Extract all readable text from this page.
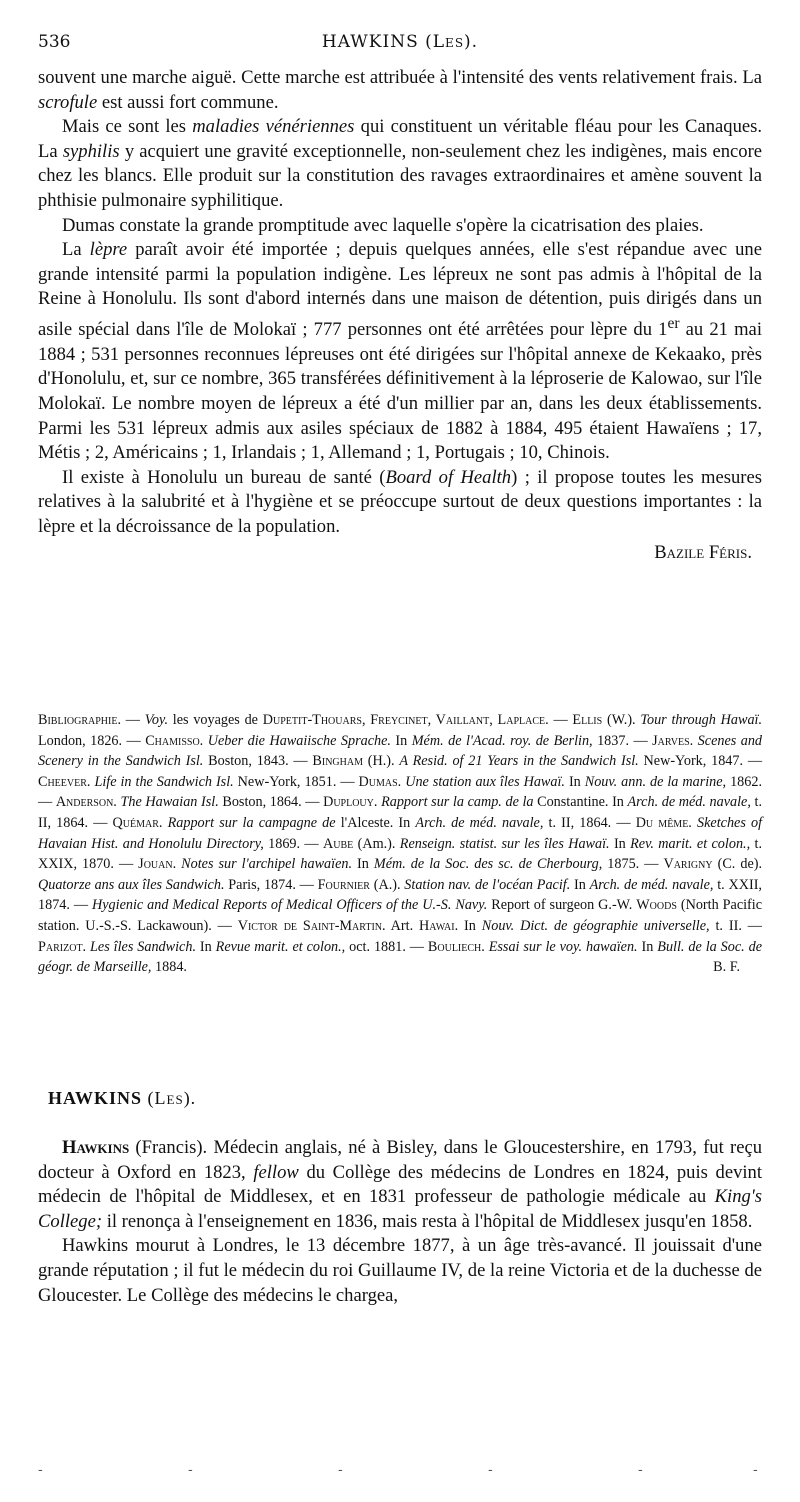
536	HAWKINS (Les).

souvent une marche aiguë. Cette marche est attribuée à l'intensité des vents relativement frais. La scrofule est aussi fort commune.

Mais ce sont les maladies vénériennes qui constituent un véritable fléau pour les Canaques. La syphilis y acquiert une gravité exceptionnelle, non-seulement chez les indigènes, mais encore chez les blancs. Elle produit sur la constitution des ravages extraordinaires et amène souvent la phthisie pulmonaire syphilitique.

Dumas constate la grande promptitude avec laquelle s'opère la cicatrisation des plaies.

La lèpre paraît avoir été importée ; depuis quelques années, elle s'est répandue avec une grande intensité parmi la population indigène. Les lépreux ne sont pas admis à l'hôpital de la Reine à Honolulu. Ils sont d'abord internés dans une maison de détention, puis dirigés dans un asile spécial dans l'île de Molokaï ; 777 personnes ont été arrêtées pour lèpre du 1er au 21 mai 1884 ; 531 personnes reconnues lépreuses ont été dirigées sur l'hôpital annexe de Kekaako, près d'Honolulu, et, sur ce nombre, 365 transférées définitivement à la léproserie de Kalowao, sur l'île Molokaï. Le nombre moyen de lépreux a été d'un millier par an, dans les deux établissements. Parmi les 531 lépreux admis aux asiles spéciaux de 1882 à 1884, 495 étaient Hawaïens ; 17, Métis ; 2, Américains ; 1, Irlandais ; 1, Allemand ; 1, Portugais ; 10, Chinois.

Il existe à Honolulu un bureau de santé (Board of Health) ; il propose toutes les mesures relatives à la salubrité et à l'hygiène et se préoccupe surtout de deux questions importantes : la lèpre et la décroissance de la population.

Bazile Féris.
Bibliographie. — Voy. les voyages de Dupetit-Thouars, Freycinet, Vaillant, Laplace. — Ellis (W.). Tour through Hawaï. London, 1826. — Chamisso. Ueber die Hawaiische Sprache. In Mém. de l'Acad. roy. de Berlin, 1837. — Jarves. Scenes and Scenery in the Sandwich Isl. Boston, 1843. — Bingham (H.). A Resid. of 21 Years in the Sandwich Isl. New-York, 1847. — Cheever. Life in the Sandwich Isl. New-York, 1851. — Dumas. Une station aux îles Hawaï. In Nouv. ann. de la marine, 1862. — Anderson. The Hawaian Isl. Boston, 1864. — Duplouy. Rapport sur la camp. de la Constantine. In Arch. de méd. navale, t. II, 1864. — Quémar. Rapport sur la campagne de l'Alceste. In Arch. de méd. navale, t. II, 1864. — Du même. Sketches of Havaian Hist. and Honolulu Directory, 1869. — Aube (Am.). Renseign. statist. sur les îles Hawaï. In Rev. marit. et colon., t. XXIX, 1870. — Jouan. Notes sur l'archipel hawaïen. In Mém. de la Soc. des sc. de Cherbourg, 1875. — Varigny (C. de). Quatorze ans aux îles Sandwich. Paris, 1874. — Fournier (A.). Station nav. de l'océan Pacif. In Arch. de méd. navale, t. XXII, 1874. — Hygienic and Medical Reports of Medical Officers of the U.-S. Navy. Report of surgeon G.-W. Woods (North Pacific station. U.-S.-S. Lackawoun). — Victor de Saint-Martin. Art. Hawai. In Nouv. Dict. de géographie universelle, t. II. — Parizot. Les îles Sandwich. In Revue marit. et colon., oct. 1881. — Bouliech. Essai sur le voy. hawaïen. In Bull. de la Soc. de géogr. de Marseille, 1884.	B. F.
HAWKINS (Les).

Hawkins (Francis). Médecin anglais, né à Bisley, dans le Gloucestershire, en 1793, fut reçu docteur à Oxford en 1823, fellow du Collège des médecins de Londres en 1824, puis devint médecin de l'hôpital de Middlesex, et en 1831 professeur de pathologie médicale au King's College; il renonça à l'enseignement en 1836, mais resta à l'hôpital de Middlesex jusqu'en 1858.

Hawkins mourut à Londres, le 13 décembre 1877, à un âge très-avancé. Il jouissait d'une grande réputation ; il fut le médecin du roi Guillaume IV, de la reine Victoria et de la duchesse de Gloucester. Le Collège des médecins le chargea,

-	-	-	-	-	-
